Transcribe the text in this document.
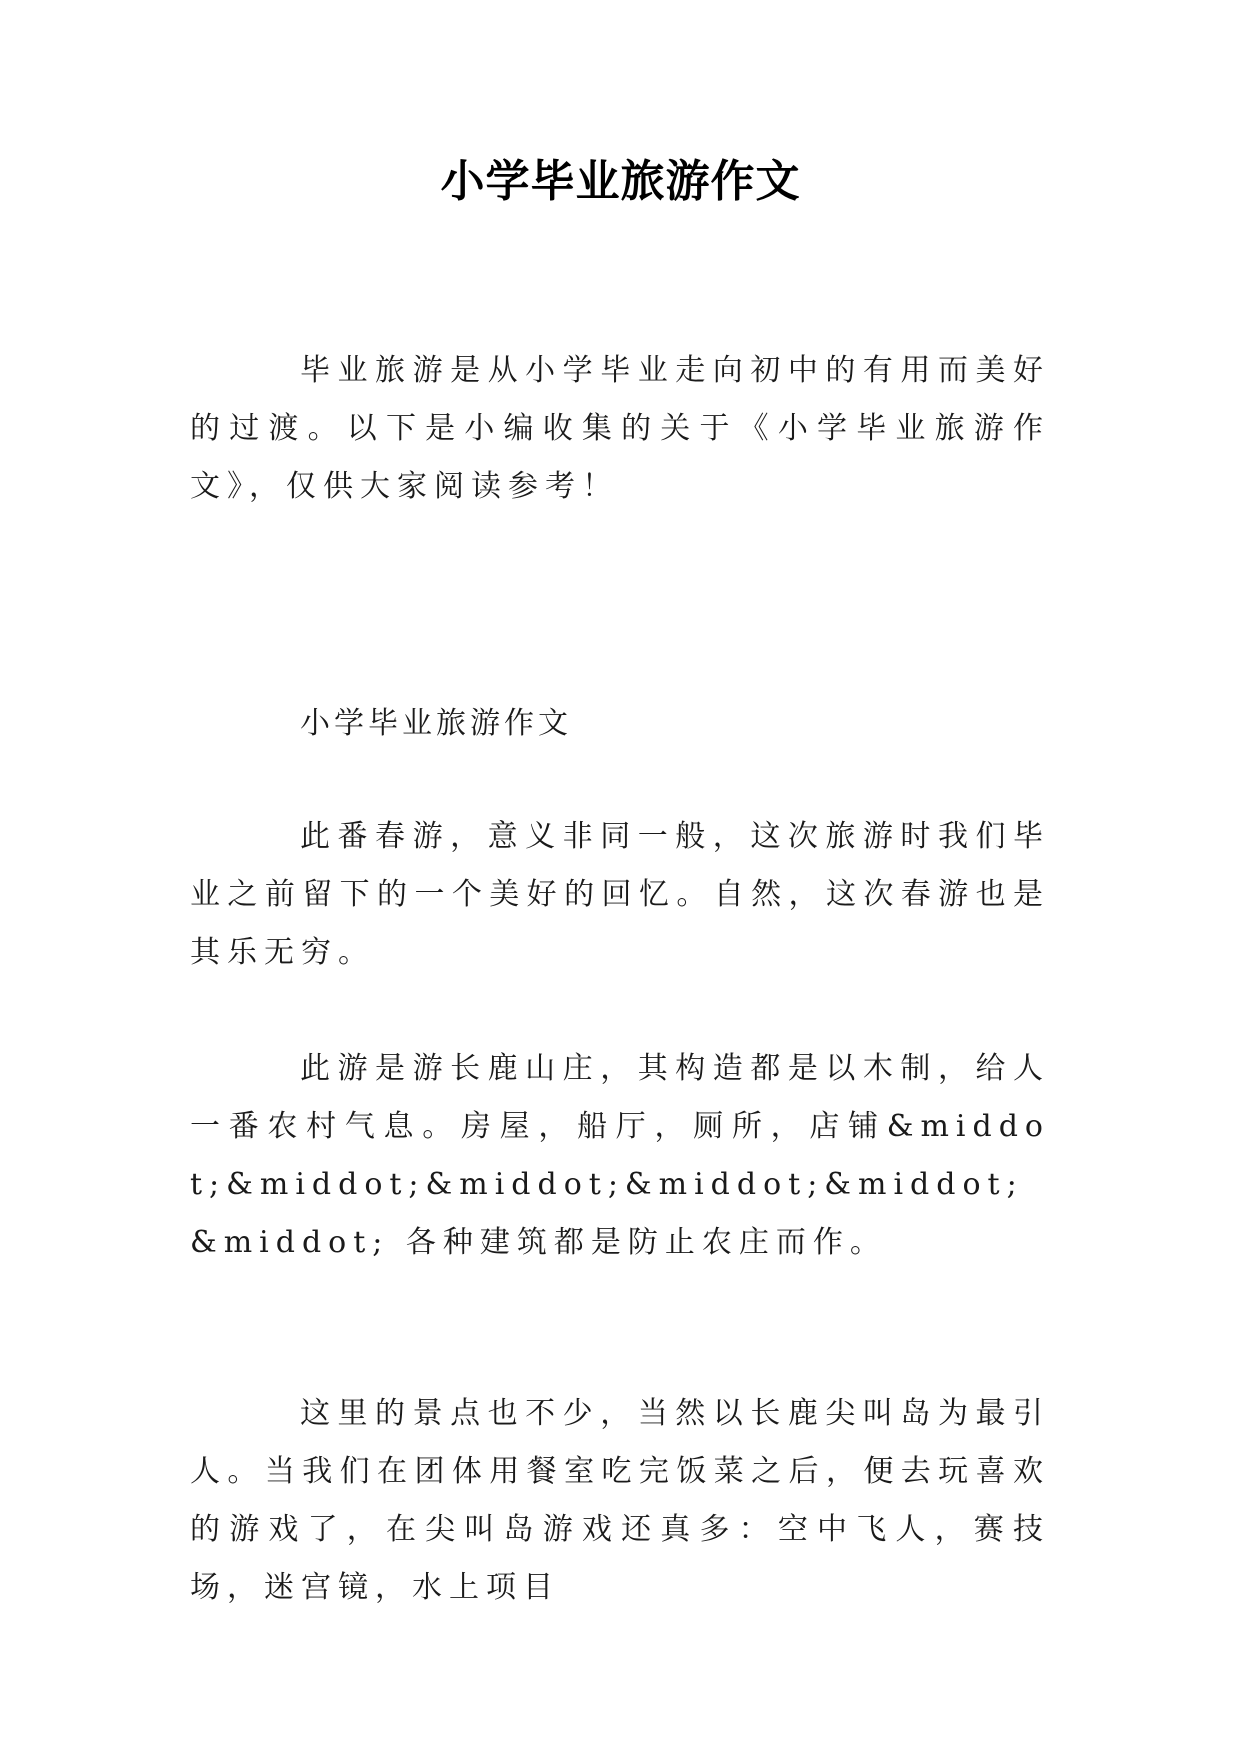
小学毕业旅游作文

毕业旅游是从小学毕业走向初中的有用而美好的过渡。以下是小编收集的关于《小学毕业旅游作文》，仅供大家阅读参考！

小学毕业旅游作文

此番春游，意义非同一般，这次旅游时我们毕业之前留下的一个美好的回忆。自然，这次春游也是其乐无穷。

此游是游长鹿山庄，其构造都是以木制，给人一番农村气息。房屋，船厅，厕所，店铺&middot;&middot;&middot;&middot;&middot;&middot; 各种建筑都是防止农庄而作。

这里的景点也不少，当然以长鹿尖叫岛为最引人。当我们在团体用餐室吃完饭菜之后，便去玩喜欢的游戏了，在尖叫岛游戏还真多：空中飞人，赛技场，迷宫镜，水上项目
